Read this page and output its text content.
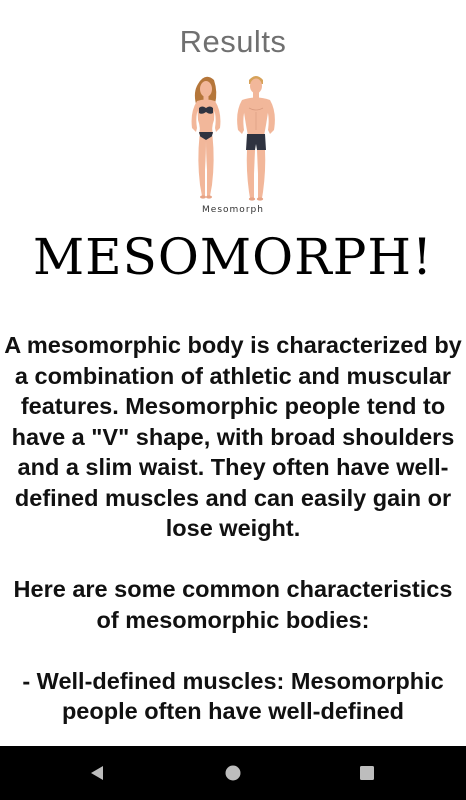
Results
Mesomorph
MESOMORPH!

A mesomorphic body is characterized by a combination of athletic and muscular features. Mesomorphic people tend to have a "V" shape, with broad shoulders and a slim waist. They often have well-defined muscles and can easily gain or lose weight.

Here are some common characteristics of mesomorphic bodies:

- Well-defined muscles: Mesomorphic people often have well-defined
